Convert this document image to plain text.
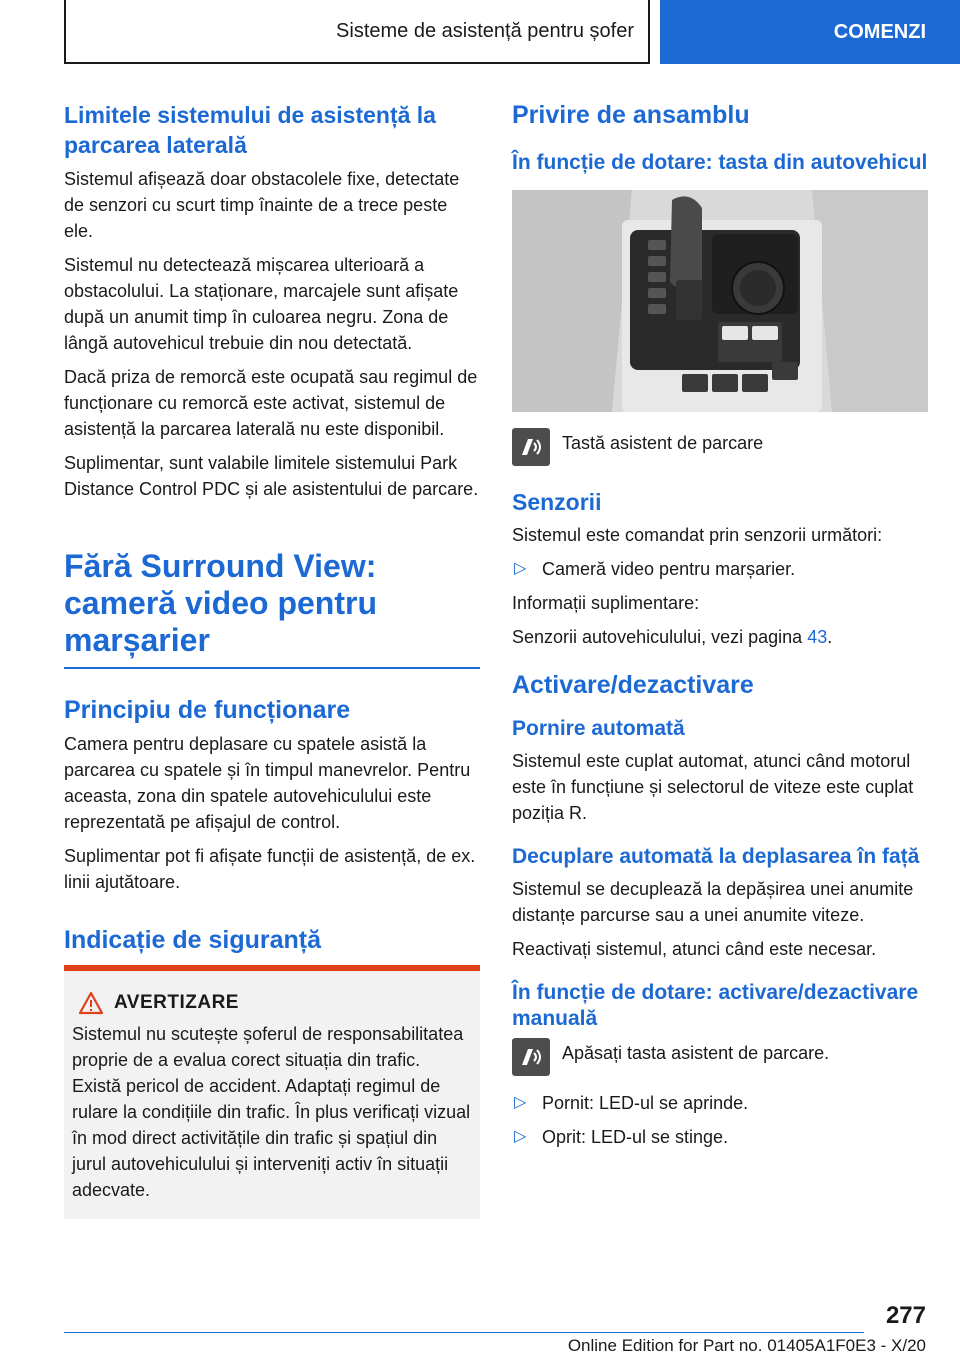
Sisteme de asistență pentru șofer	COMENZI
Limitele sistemului de asistență la parcarea laterală

Sistemul afișează doar obstacolele fixe, detectate de senzori cu scurt timp înainte de a trece peste ele.

Sistemul nu detectează mișcarea ulterioară a obstacolului. La staționare, marcajele sunt afișate după un anumit timp în culoarea negru. Zona de lângă autovehicul trebuie din nou detectată.

Dacă priza de remorcă este ocupată sau regimul de funcționare cu remorcă este activat, sistemul de asistență la parcarea laterală nu este disponibil.

Suplimentar, sunt valabile limitele sistemului Park Distance Control PDC și ale asistentului de parcare.

Fără Surround View: cameră video pentru marșarier
Principiu de funcționare

Camera pentru deplasare cu spatele asistă la parcarea cu spatele și în timpul manevrelor. Pentru aceasta, zona din spatele autovehiculului este reprezentată pe afișajul de control.

Suplimentar pot fi afișate funcții de asistență, de ex. linii ajutătoare.

Indicație de siguranță
AVERTIZARE

Sistemul nu scutește șoferul de responsabilitatea proprie de a evalua corect situația din trafic. Există pericol de accident. Adaptați regimul de rulare la condițiile din trafic. În plus verificați vizual în mod direct activitățile din trafic și spațiul din jurul autovehiculului și interveniți activ în situații adecvate.

Privire de ansamblu
În funcție de dotare: tasta din autovehicul

Tastă asistent de parcare

Senzorii

Sistemul este comandat prin senzorii următori:

▷ Cameră video pentru marșarier.

Informații suplimentare:

Senzorii autovehiculului, vezi pagina 43.

Activare/dezactivare
Pornire automată

Sistemul este cuplat automat, atunci când motorul este în funcțiune și selectorul de viteze este cuplat poziția R.

Decuplare automată la deplasarea în față

Sistemul se decuplează la depășirea unei anumite distanțe parcurse sau a unei anumite viteze.

Reactivați sistemul, atunci când este necesar.

În funcție de dotare: activare/dezactivare manuală

Apăsați tasta asistent de parcare.

▷ Pornit: LED-ul se aprinde.
▷ Oprit: LED-ul se stinge.
277
Online Edition for Part no. 01405A1F0E3 - X/20
